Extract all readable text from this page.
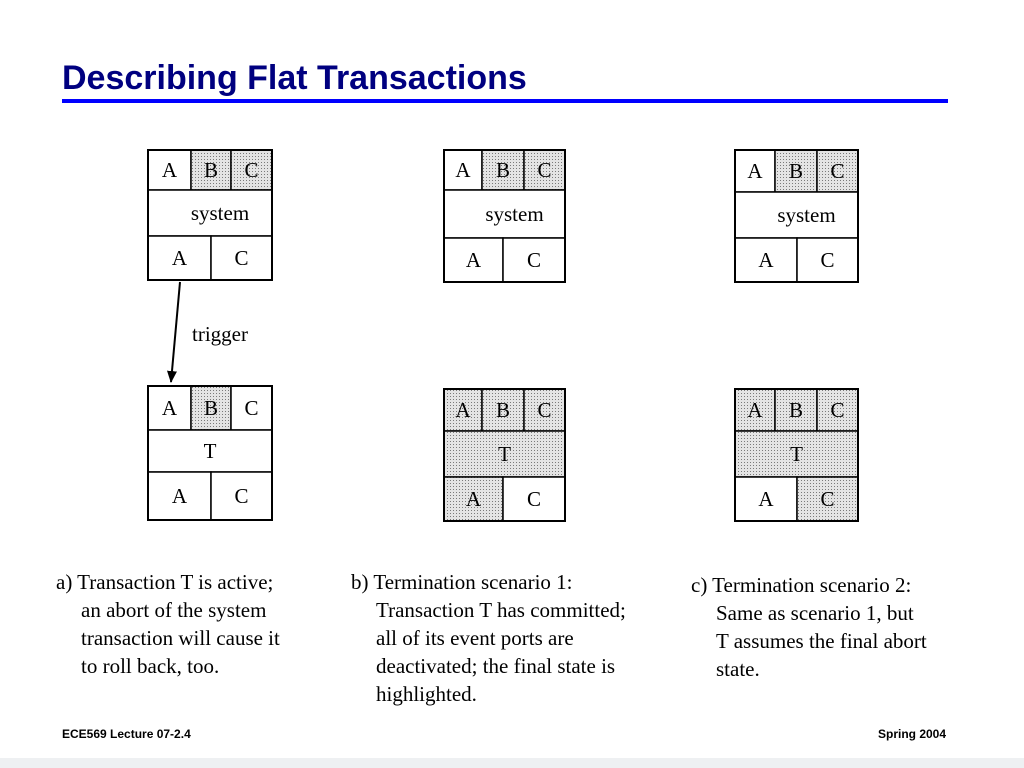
Describing Flat Transactions
A B C
system
A C
A B C
T
A C
A B C
system
A C
A B C
T
A C
A B C
system
A C
A B C
T
A C
trigger

a) Transaction T is active;
an abort of the system
transaction will cause it
to roll back, too.

b) Termination scenario 1:
Transaction T has committed;
all of its event ports are
deactivated; the final state is
highlighted.

c) Termination scenario 2:
Same as scenario 1, but
T assumes the final abort
state.

ECE569 Lecture 07-2.4	Spring 2004
